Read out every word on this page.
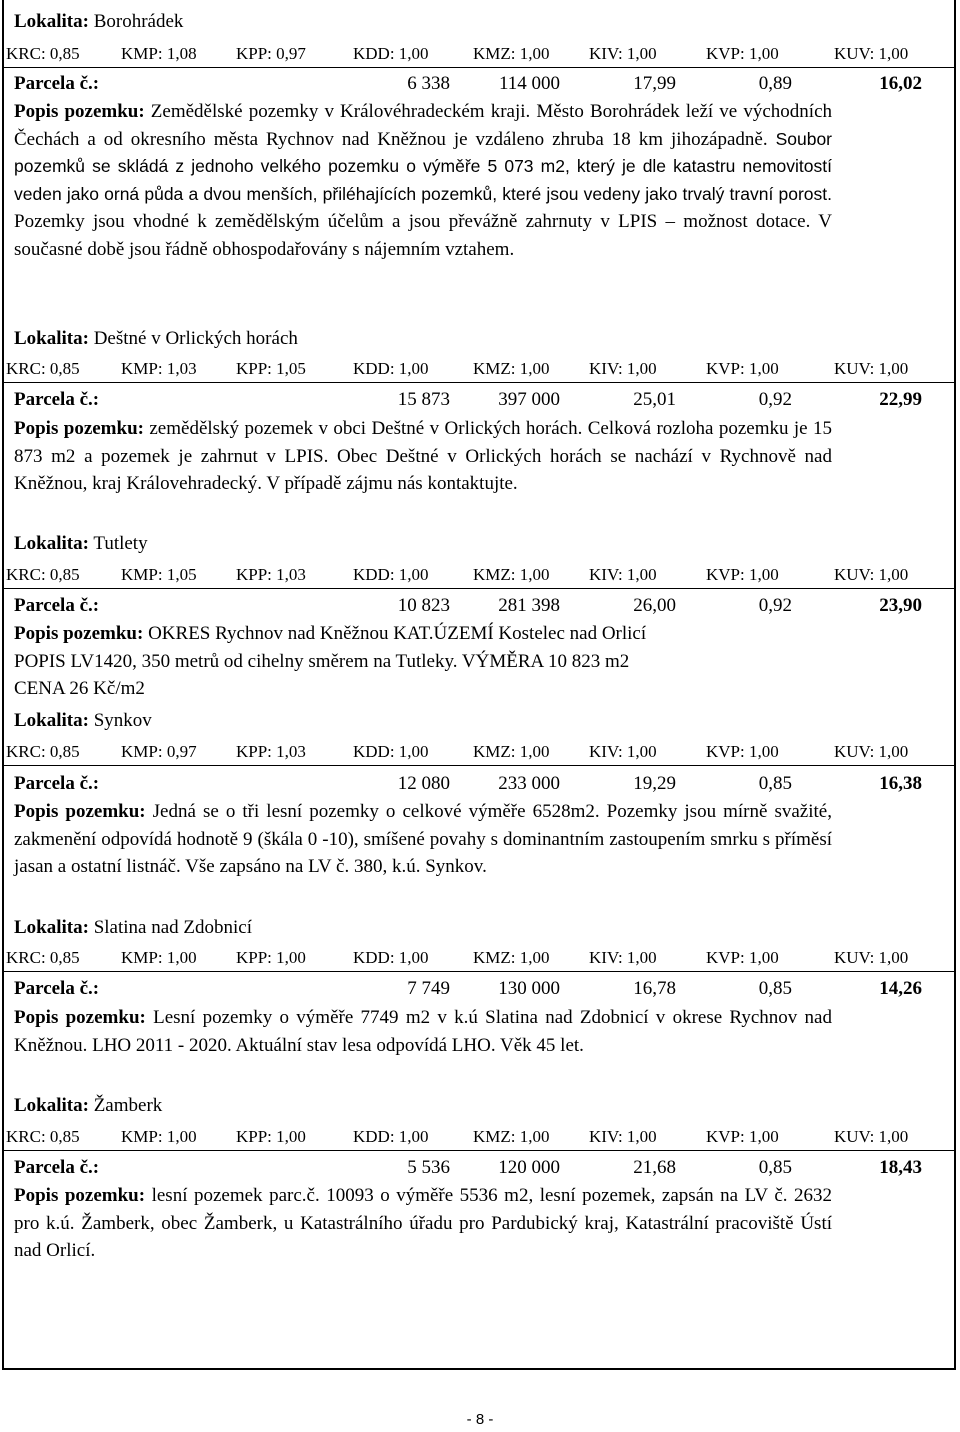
Lokalita: Borohrádek
KRC: 0,85 KMP: 1,08 KPP: 0,97	KDD: 1,00	KMZ: 1,00 KIV: 1,00	KVP: 1,00	KUV: 1,00
Parcela č.:	6 338	114 000	17,99	0,89	16,02
Popis pozemku: Zemědělské pozemky v Královéhradeckém kraji. Město Borohrádek leží ve východních Čechách a od okresního města Rychnov nad Kněžnou je vzdáleno zhruba 18 km jihozápadně. Soubor pozemků se skládá z jednoho velkého pozemku o výměře 5 073 m2, který je dle katastru nemovitostí veden jako orná půda a dvou menších, přiléhajících pozemků, které jsou vedeny jako trvalý travní porost. Pozemky jsou vhodné k zemědělským účelům a jsou převážně zahrnuty v LPIS – možnost dotace. V současné době jsou řádně obhospodařovány s nájemním vztahem.
Lokalita: Deštné v Orlických horách
KRC: 0,85 KMP: 1,03 KPP: 1,05	KDD: 1,00	KMZ: 1,00 KIV: 1,00	KVP: 1,00	KUV: 1,00
Parcela č.:	15 873	397 000	25,01	0,92	22,99
Popis pozemku: zemědělský pozemek v obci Deštné v Orlických horách. Celková rozloha pozemku je 15 873 m2 a pozemek je zahrnut v LPIS. Obec Deštné v Orlických horách se nachází v Rychnově nad Kněžnou, kraj Královehradecký. V případě zájmu nás kontaktujte.
Lokalita: Tutlety
KRC: 0,85 KMP: 1,05 KPP: 1,03	KDD: 1,00	KMZ: 1,00 KIV: 1,00	KVP: 1,00	KUV: 1,00
Parcela č.:	10 823	281 398	26,00	0,92	23,90
Popis pozemku: OKRES Rychnov nad Kněžnou KAT.ÚZEMÍ Kostelec nad Orlicí
POPIS LV1420, 350 metrů od cihelny směrem na Tutleky. VÝMĚRA 10 823 m2
CENA 26 Kč/m2
Lokalita: Synkov
KRC: 0,85 KMP: 0,97 KPP: 1,03	KDD: 1,00	KMZ: 1,00 KIV: 1,00	KVP: 1,00	KUV: 1,00
Parcela č.:	12 080	233 000	19,29	0,85	16,38
Popis pozemku: Jedná se o tři lesní pozemky o celkové výměře 6528m2. Pozemky jsou mírně svažité, zakmenění odpovídá hodnotě 9 (škála 0 -10), smíšené povahy s dominantním zastoupením smrku s příměsí jasan a ostatní listnáč. Vše zapsáno na LV č. 380, k.ú. Synkov.
Lokalita: Slatina nad Zdobnicí
KRC: 0,85 KMP: 1,00 KPP: 1,00	KDD: 1,00	KMZ: 1,00 KIV: 1,00	KVP: 1,00	KUV: 1,00
Parcela č.:	7 749	130 000	16,78	0,85	14,26
Popis pozemku: Lesní pozemky o výměře 7749 m2 v k.ú Slatina nad Zdobnicí v okrese Rychnov nad Kněžnou. LHO 2011 - 2020. Aktuální stav lesa odpovídá LHO. Věk 45 let.
Lokalita: Žamberk
KRC: 0,85 KMP: 1,00 KPP: 1,00	KDD: 1,00	KMZ: 1,00 KIV: 1,00	KVP: 1,00	KUV: 1,00
Parcela č.:	5 536	120 000	21,68	0,85	18,43
Popis pozemku: lesní pozemek parc.č. 10093 o výměře 5536 m2, lesní pozemek, zapsán na LV č. 2632 pro k.ú. Žamberk, obec Žamberk, u Katastrálního úřadu pro Pardubický kraj, Katastrální pracoviště Ústí nad Orlicí.
- 8 -
